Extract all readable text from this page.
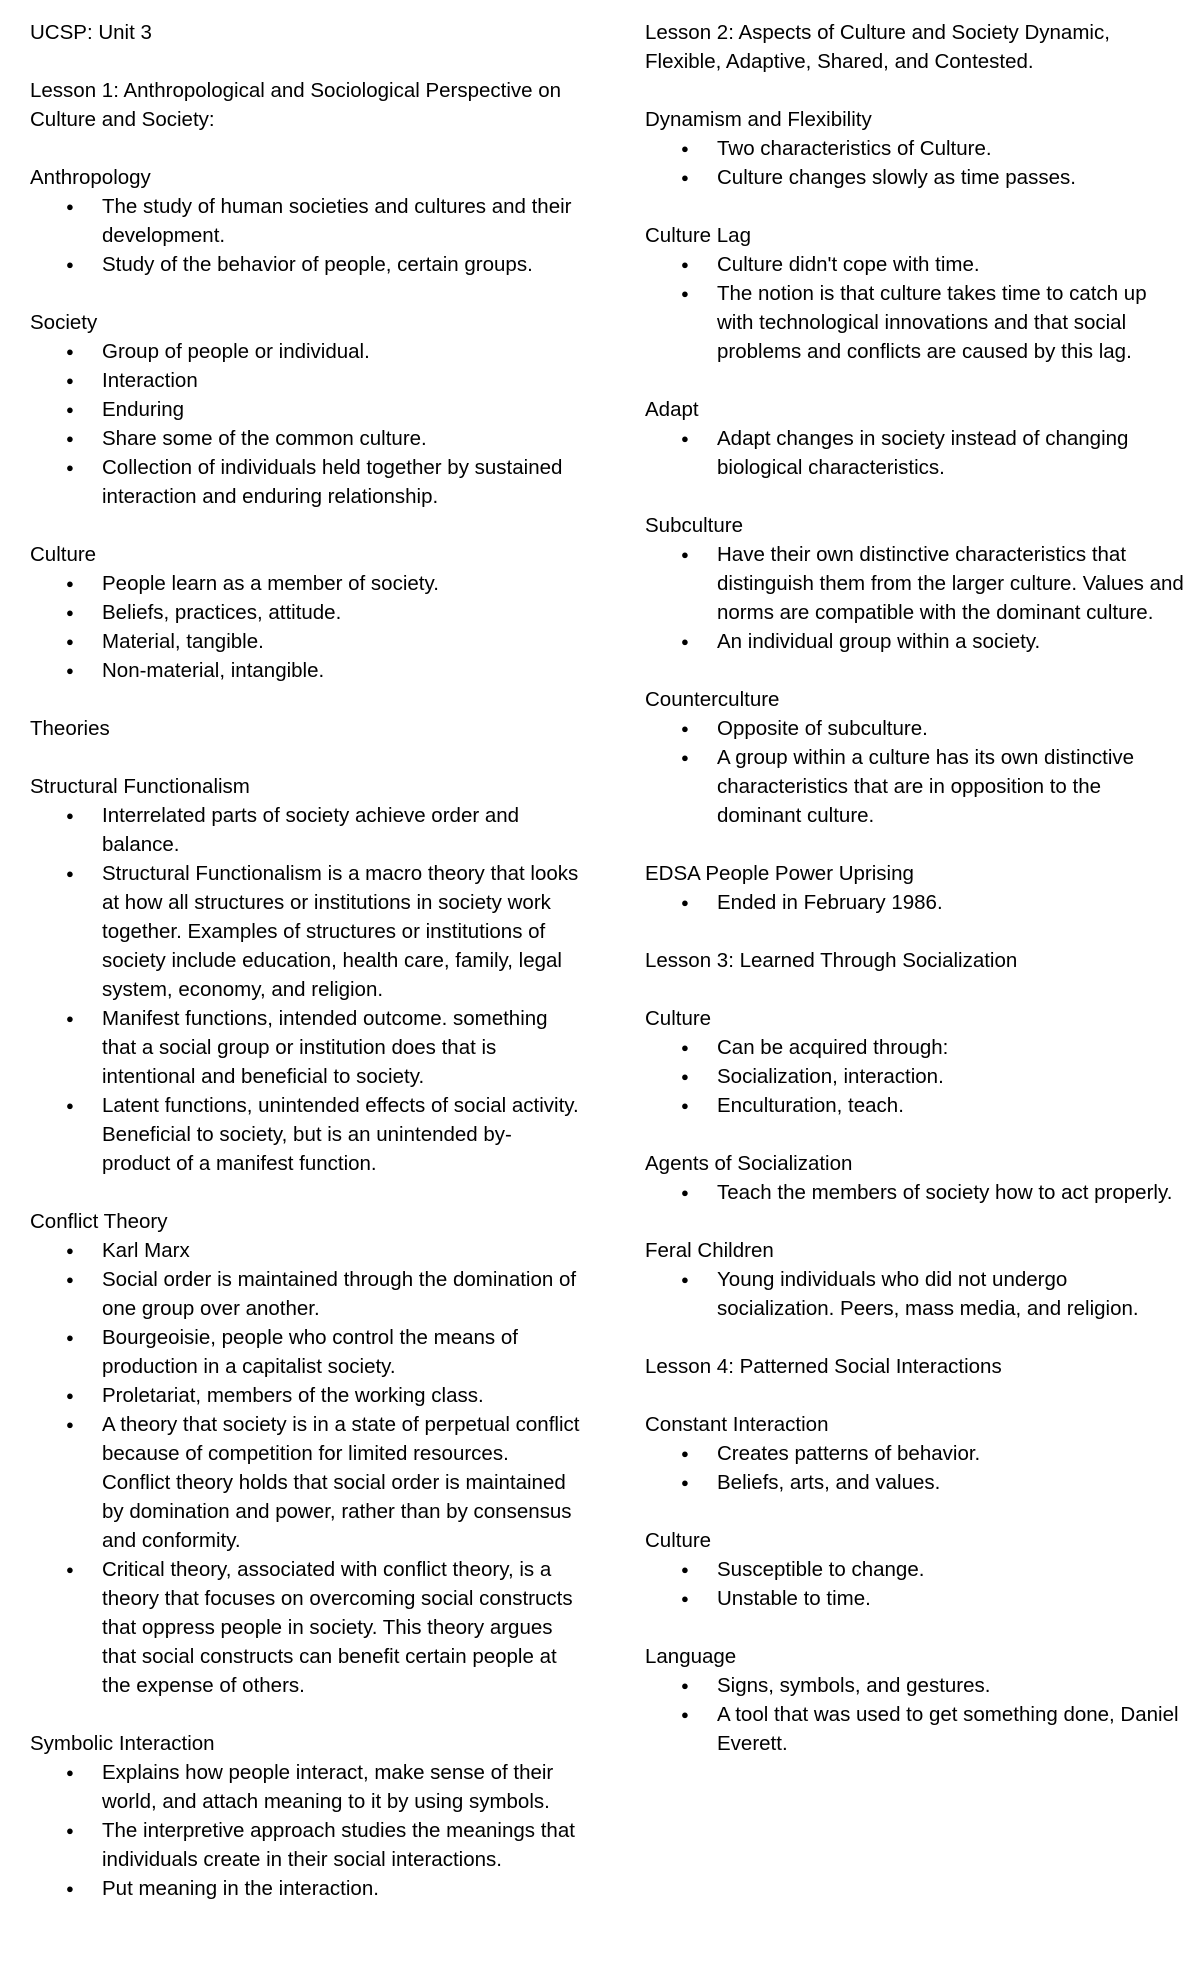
UCSP: Unit 3
Lesson 1: Anthropological and Sociological Perspective on Culture and Society:
Anthropology
● The study of human societies and cultures and their development.
● Study of the behavior of people, certain groups.
Society
● Group of people or individual.
● Interaction
● Enduring
● Share some of the common culture.
● Collection of individuals held together by sustained interaction and enduring relationship.
Culture
● People learn as a member of society.
● Beliefs, practices, attitude.
● Material, tangible.
● Non-material, intangible.
Theories
Structural Functionalism
● Interrelated parts of society achieve order and balance.
● Structural Functionalism is a macro theory that looks at how all structures or institutions in society work together. Examples of structures or institutions of society include education, health care, family, legal system, economy, and religion.
● Manifest functions, intended outcome. something that a social group or institution does that is intentional and beneficial to society.
● Latent functions, unintended effects of social activity. Beneficial to society, but is an unintended by-product of a manifest function.
Conflict Theory
● Karl Marx
● Social order is maintained through the domination of one group over another.
● Bourgeoisie, people who control the means of production in a capitalist society.
● Proletariat, members of the working class.
● A theory that society is in a state of perpetual conflict because of competition for limited resources. Conflict theory holds that social order is maintained by domination and power, rather than by consensus and conformity.
● Critical theory, associated with conflict theory, is a theory that focuses on overcoming social constructs that oppress people in society. This theory argues that social constructs can benefit certain people at the expense of others.
Symbolic Interaction
● Explains how people interact, make sense of their world, and attach meaning to it by using symbols.
● The interpretive approach studies the meanings that individuals create in their social interactions.
● Put meaning in the interaction.
Lesson 2: Aspects of Culture and Society Dynamic, Flexible, Adaptive, Shared, and Contested.
Dynamism and Flexibility
● Two characteristics of Culture.
● Culture changes slowly as time passes.
Culture Lag
● Culture didn't cope with time.
● The notion is that culture takes time to catch up with technological innovations and that social problems and conflicts are caused by this lag.
Adapt
● Adapt changes in society instead of changing biological characteristics.
Subculture
● Have their own distinctive characteristics that distinguish them from the larger culture. Values and norms are compatible with the dominant culture.
● An individual group within a society.
Counterculture
● Opposite of subculture.
● A group within a culture has its own distinctive characteristics that are in opposition to the dominant culture.
EDSA People Power Uprising
● Ended in February 1986.
Lesson 3: Learned Through Socialization
Culture
● Can be acquired through:
● Socialization, interaction.
● Enculturation, teach.
Agents of Socialization
● Teach the members of society how to act properly.
Feral Children
● Young individuals who did not undergo socialization. Peers, mass media, and religion.
Lesson 4: Patterned Social Interactions
Constant Interaction
● Creates patterns of behavior.
● Beliefs, arts, and values.
Culture
● Susceptible to change.
● Unstable to time.
Language
● Signs, symbols, and gestures.
● A tool that was used to get something done, Daniel Everett.
